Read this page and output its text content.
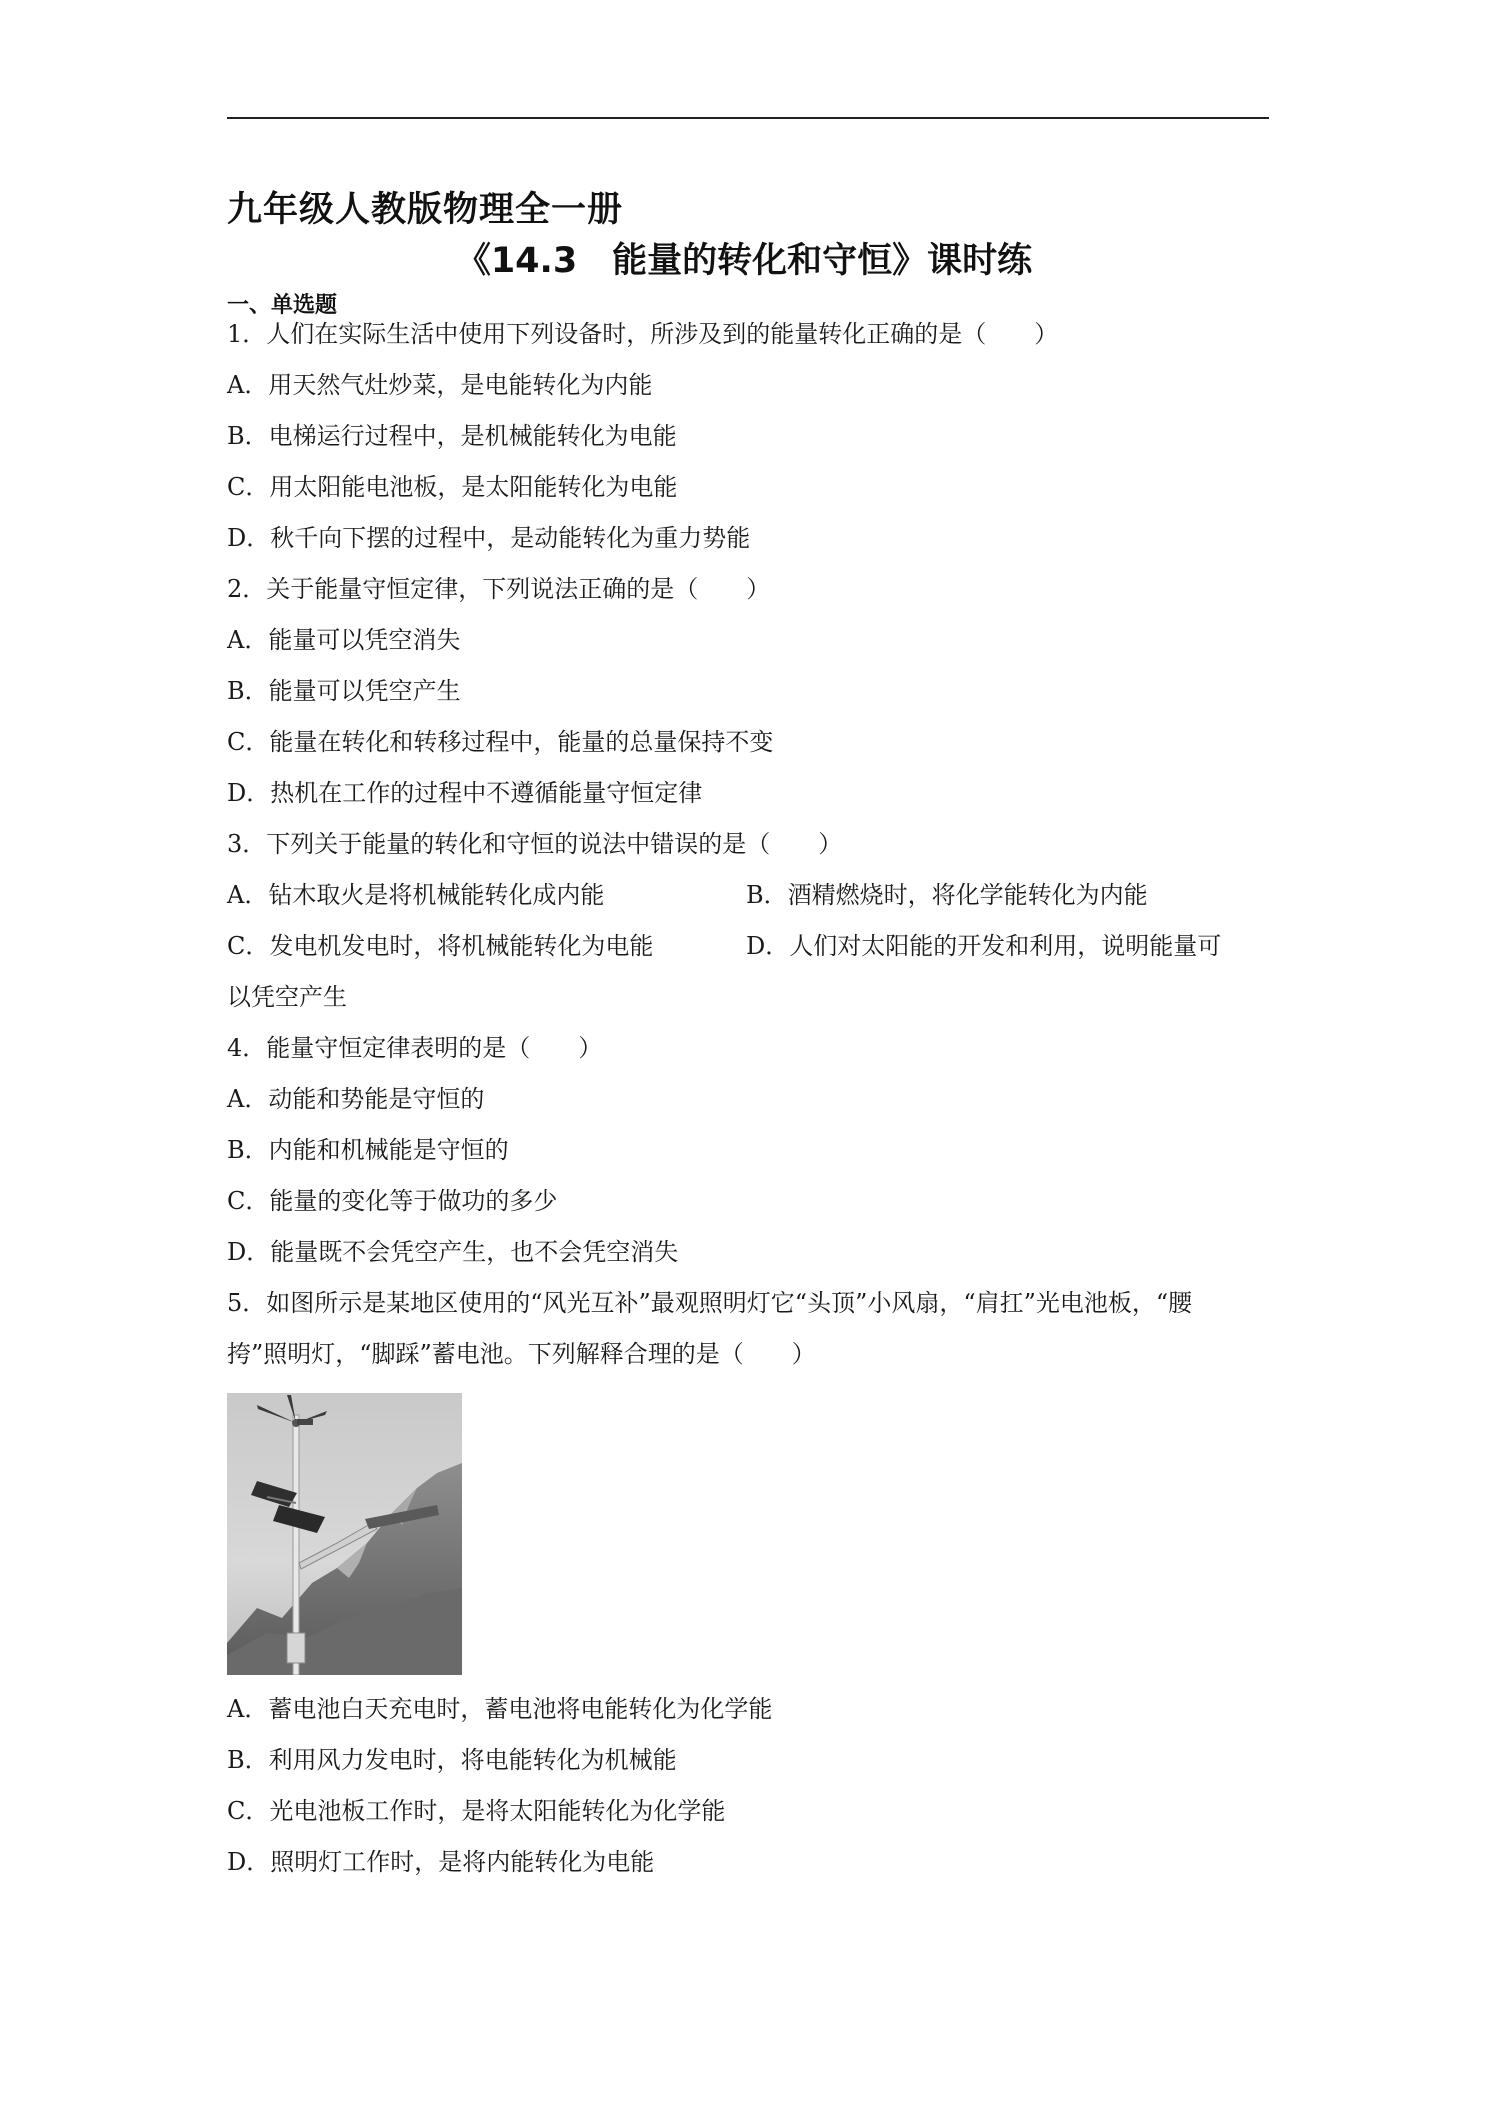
九年级人教版物理全一册
《14.3　能量的转化和守恒》课时练
一、单选题
1．人们在实际生活中使用下列设备时，所涉及到的能量转化正确的是（　　）
A．用天然气灶炒菜，是电能转化为内能
B．电梯运行过程中，是机械能转化为电能
C．用太阳能电池板，是太阳能转化为电能
D．秋千向下摆的过程中，是动能转化为重力势能
2．关于能量守恒定律，下列说法正确的是（　　）
A．能量可以凭空消失
B．能量可以凭空产生
C．能量在转化和转移过程中，能量的总量保持不变
D．热机在工作的过程中不遵循能量守恒定律
3．下列关于能量的转化和守恒的说法中错误的是（　　）
A．钻木取火是将机械能转化成内能	B．酒精燃烧时，将化学能转化为内能
C．发电机发电时，将机械能转化为电能	D．人们对太阳能的开发和利用，说明能量可
以凭空产生
4．能量守恒定律表明的是（　　）
A．动能和势能是守恒的
B．内能和机械能是守恒的
C．能量的变化等于做功的多少
D．能量既不会凭空产生，也不会凭空消失
5．如图所示是某地区使用的“风光互补”最观照明灯它“头顶”小风扇，“肩扛”光电池板，“腰
挎”照明灯，“脚踩”蓄电池。下列解释合理的是（　　）
A．蓄电池白天充电时，蓄电池将电能转化为化学能
B．利用风力发电时，将电能转化为机械能
C．光电池板工作时，是将太阳能转化为化学能
D．照明灯工作时，是将内能转化为电能
